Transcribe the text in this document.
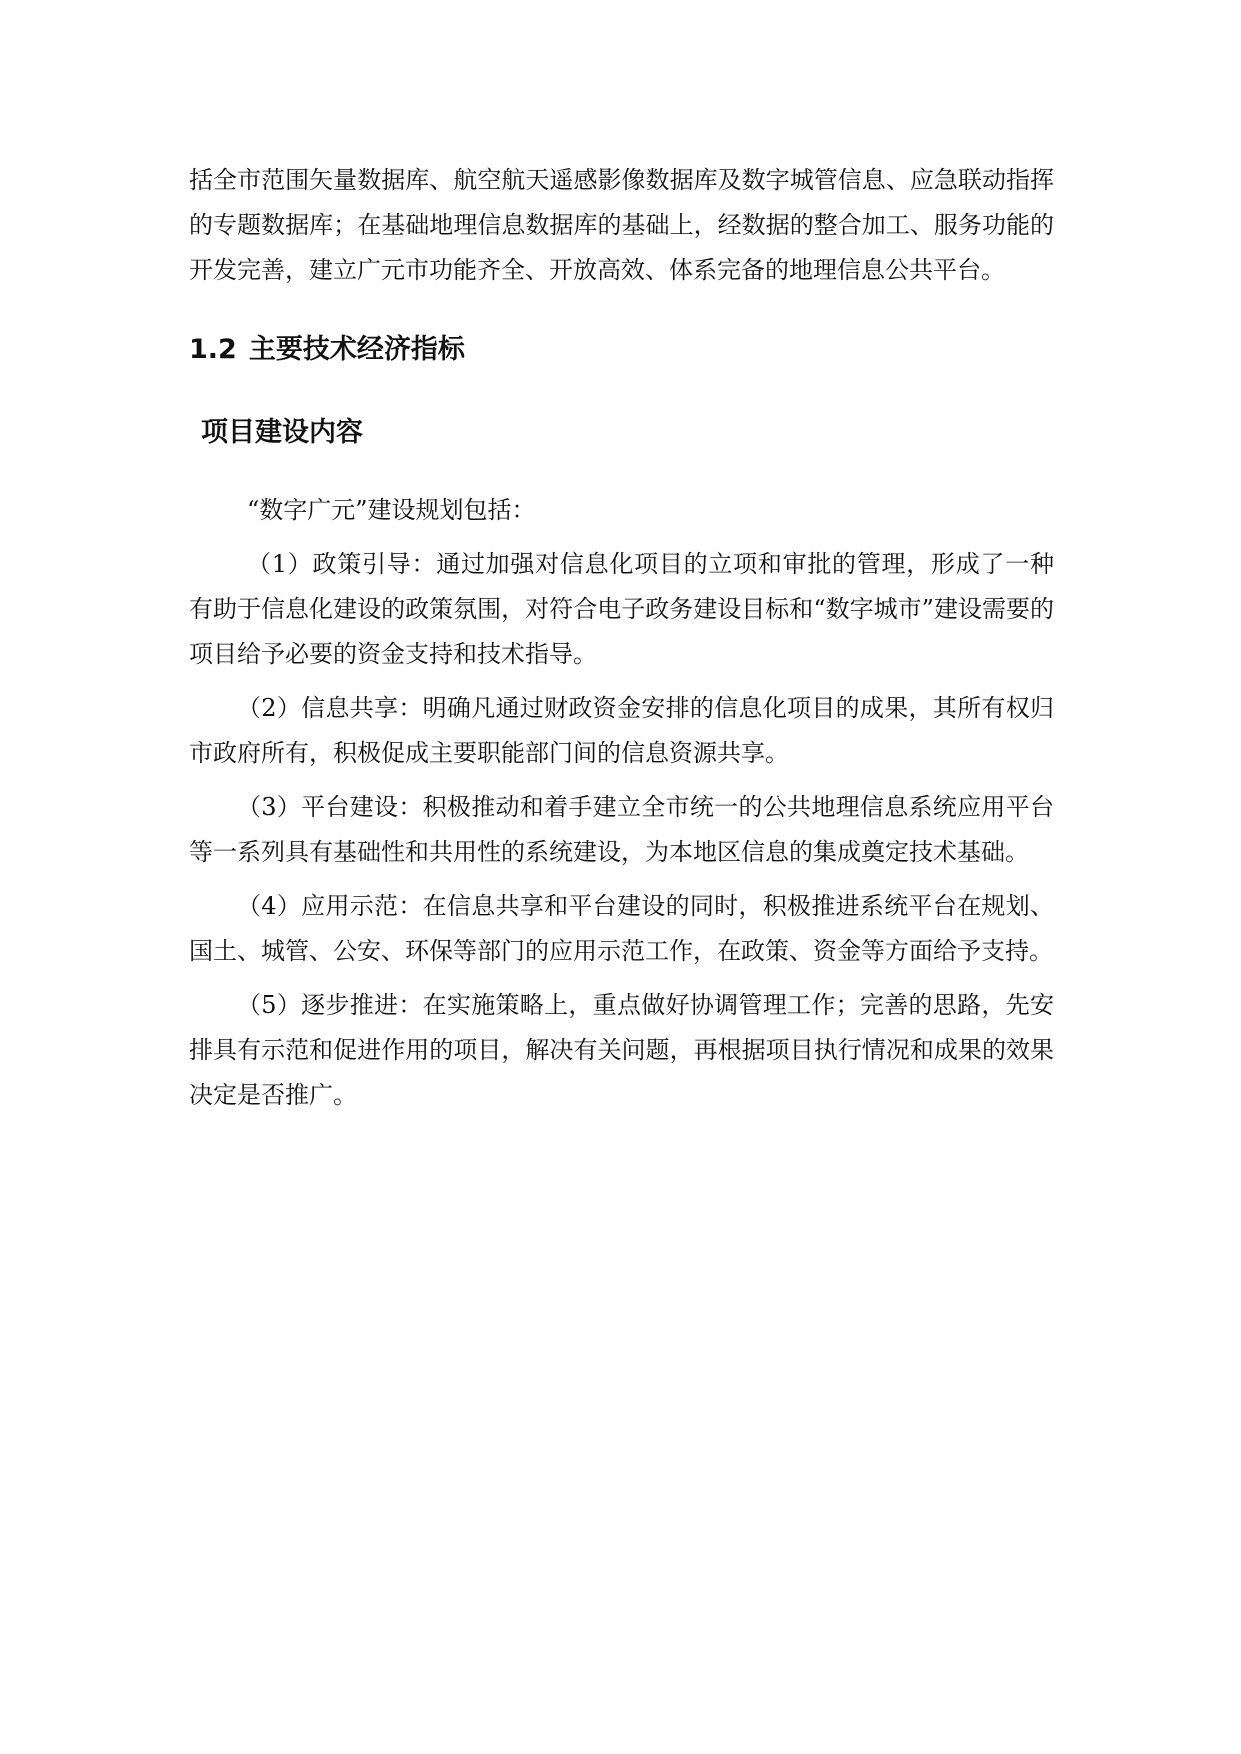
括全市范围矢量数据库、航空航天遥感影像数据库及数字城管信息、应急联动指挥的专题数据库；在基础地理信息数据库的基础上，经数据的整合加工、服务功能的开发完善，建立广元市功能齐全、开放高效、体系完备的地理信息公共平台。

1.2 主要技术经济指标
项目建设内容

“数字广元”建设规划包括：

（1）政策引导：通过加强对信息化项目的立项和审批的管理，形成了一种有助于信息化建设的政策氛围，对符合电子政务建设目标和“数字城市”建设需要的项目给予必要的资金支持和技术指导。

（2）信息共享：明确凡通过财政资金安排的信息化项目的成果，其所有权归市政府所有，积极促成主要职能部门间的信息资源共享。

（3）平台建设：积极推动和着手建立全市统一的公共地理信息系统应用平台等一系列具有基础性和共用性的系统建设，为本地区信息的集成奠定技术基础。

（4）应用示范：在信息共享和平台建设的同时，积极推进系统平台在规划、国土、城管、公安、环保等部门的应用示范工作，在政策、资金等方面给予支持。

（5）逐步推进：在实施策略上，重点做好协调管理工作；完善的思路，先安排具有示范和促进作用的项目，解决有关问题，再根据项目执行情况和成果的效果决定是否推广。
